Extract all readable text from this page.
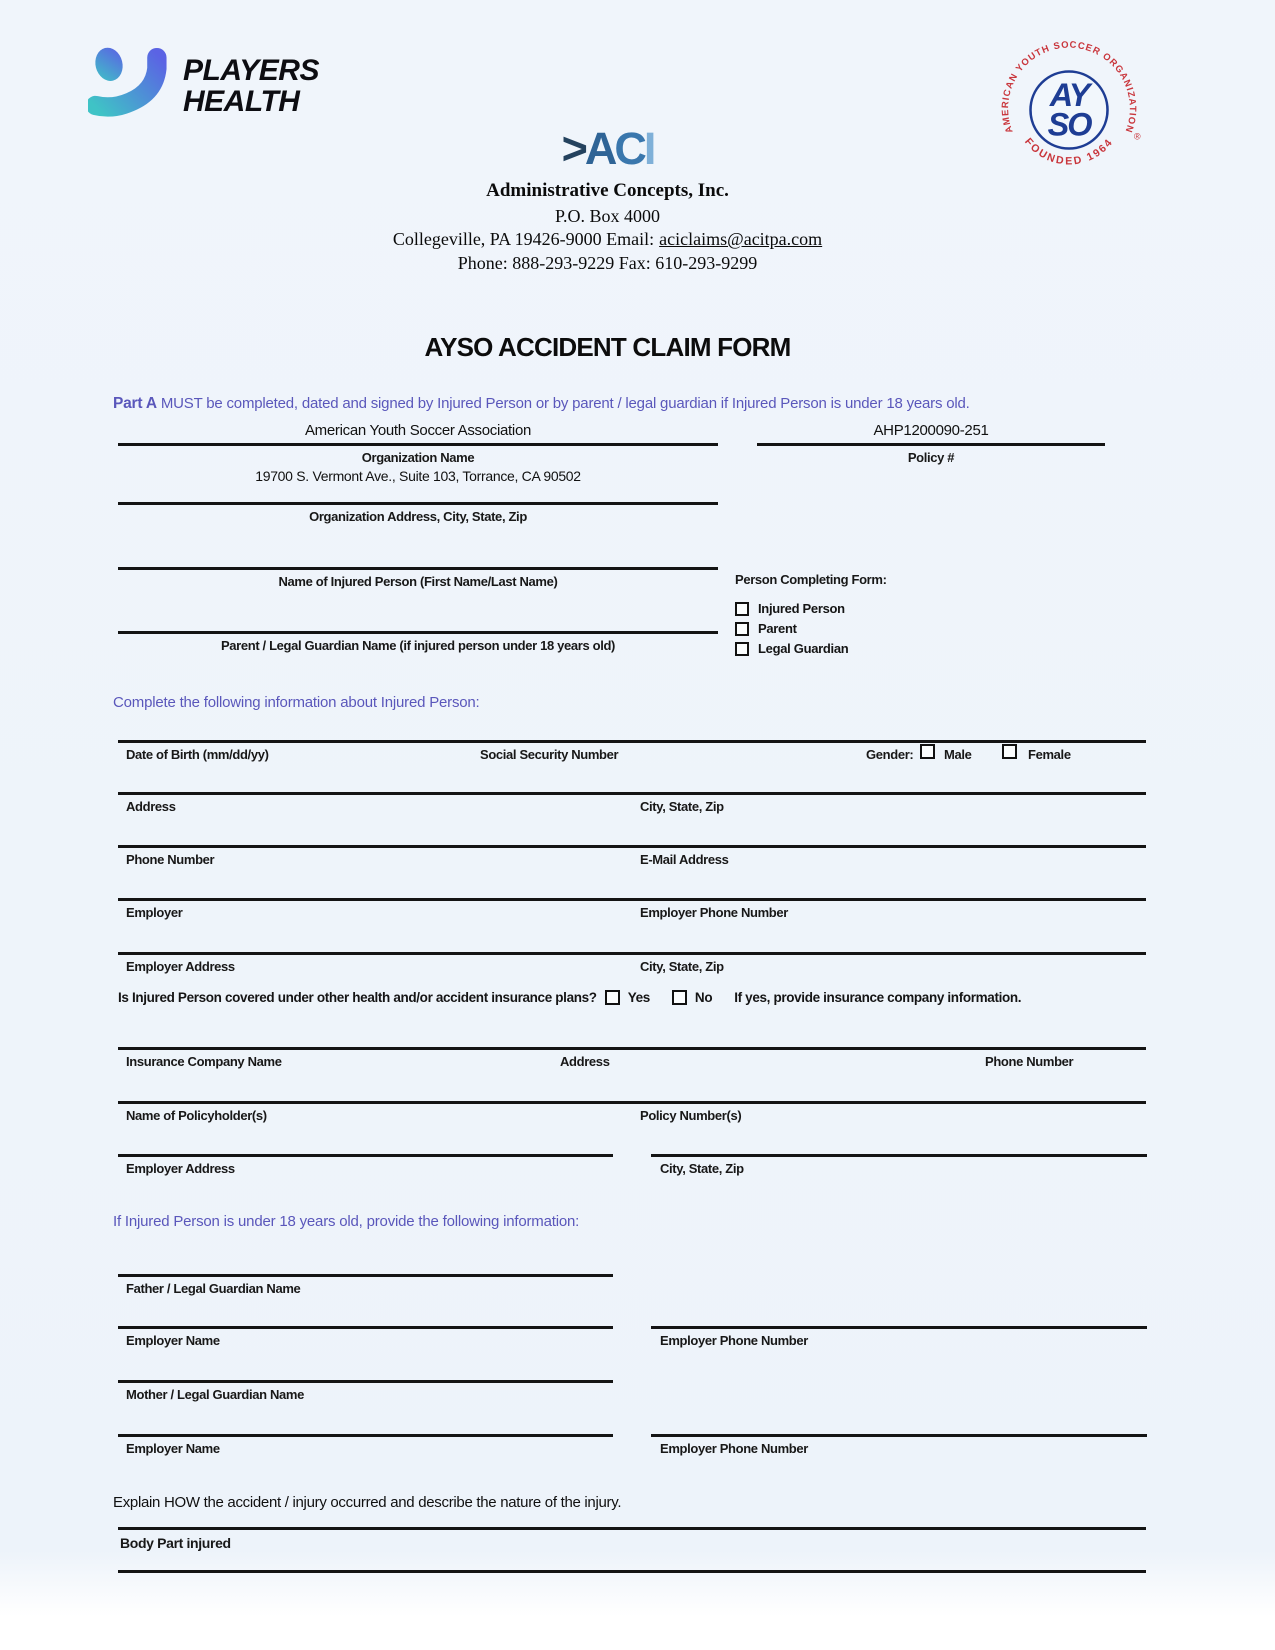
PLAYERS
HEALTH
>ACI
Administrative Concepts, Inc.
P.O. Box 4000
Collegeville, PA 19426-9000 Email: aciclaims@acitpa.com
Phone: 888-293-9229 Fax: 610-293-9299
AMERICAN YOUTH SOCCER ORGANIZATION
FOUNDED 1964
AY
SO	®
AYSO ACCIDENT CLAIM FORM
Part A MUST be completed, dated and signed by Injured Person or by parent / legal guardian if Injured Person is under 18 years old.
American Youth Soccer Association	AHP1200090-251
Organization Name	Policy #
19700 S. Vermont Ave., Suite 103, Torrance, CA 90502
Organization Address, City, State, Zip
Name of Injured Person (First Name/Last Name)	Person Completing Form:
Injured Person
Parent
Legal Guardian
Parent / Legal Guardian Name (if injured person under 18 years old)
Complete the following information about Injured Person:
Date of Birth (mm/dd/yy)	Social Security Number	Gender: Male	Female
Address	City, State, Zip
Phone Number	E-Mail Address
Employer	Employer Phone Number
Employer Address	City, State, Zip
Is Injured Person covered under other health and/or accident insurance plans? Yes	No If yes, provide insurance company information.
Insurance Company Name	Address	Phone Number
Name of Policyholder(s)	Policy Number(s)
Employer Address	City, State, Zip
If Injured Person is under 18 years old, provide the following information:
Father / Legal Guardian Name
Employer Name	Employer Phone Number
Mother / Legal Guardian Name
Employer Name	Employer Phone Number
Explain HOW the accident / injury occurred and describe the nature of the injury.
Body Part injured
